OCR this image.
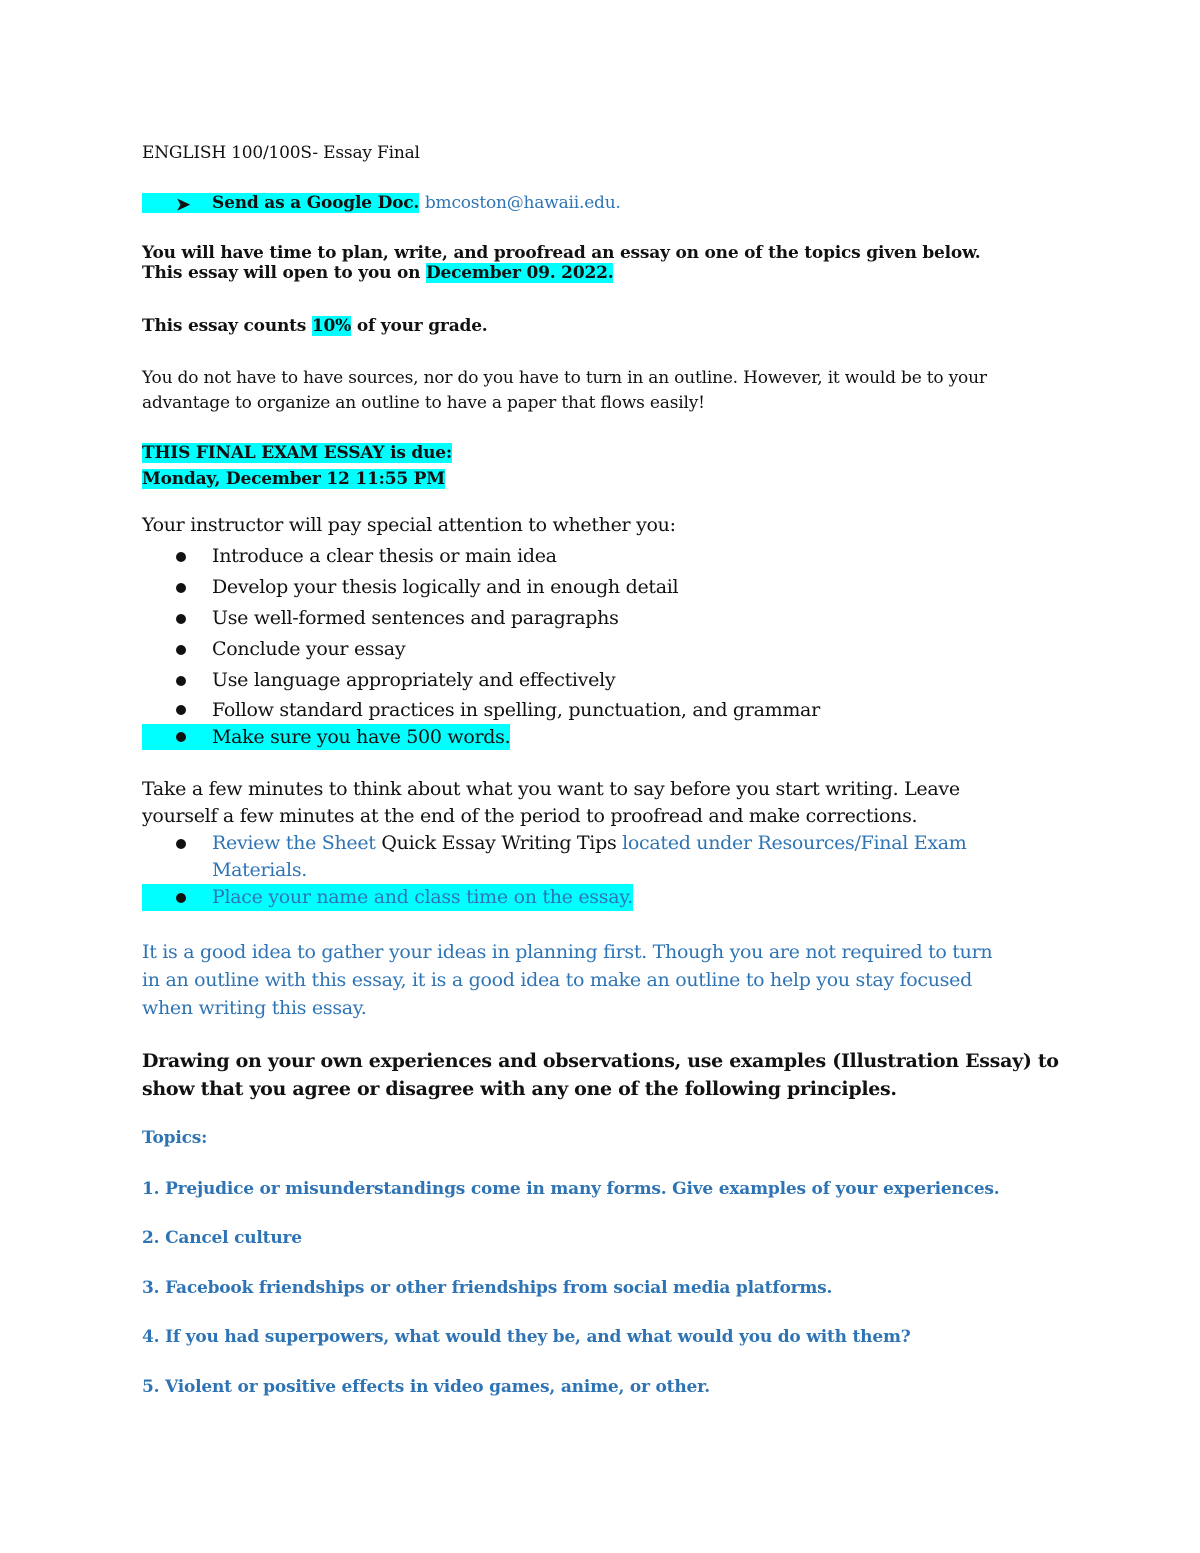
ENGLISH 100/100S- Essay Final

➤ Send as a Google Doc. bmcoston@hawaii.edu.
You will have time to plan, write, and proofread an essay on one of the topics given below.
This essay will open to you on December 09. 2022.

This essay counts 10% of your grade.

You do not have to have sources, nor do you have to turn in an outline. However, it would be to your
advantage to organize an outline to have a paper that flows easily!
THIS FINAL EXAM ESSAY is due:
Monday, December 12 11:55 PM

Your instructor will pay special attention to whether you:

Introduce a clear thesis or main idea
Develop your thesis logically and in enough detail
Use well-formed sentences and paragraphs
Conclude your essay
Use language appropriately and effectively
Follow standard practices in spelling, punctuation, and grammar
Make sure you have 500 words.
Take a few minutes to think about what you want to say before you start writing. Leave
yourself a few minutes at the end of the period to proofread and make corrections.
Review the Sheet Quick Essay Writing Tips located under Resources/Final Exam
Materials.
Place your name and class time on the essay.
It is a good idea to gather your ideas in planning first. Though you are not required to turn
in an outline with this essay, it is a good idea to make an outline to help you stay focused
when writing this essay.
Drawing on your own experiences and observations, use examples (Illustration Essay) to
show that you agree or disagree with any one of the following principles.

Topics:

1. Prejudice or misunderstandings come in many forms. Give examples of your experiences.

2. Cancel culture

3. Facebook friendships or other friendships from social media platforms.

4. If you had superpowers, what would they be, and what would you do with them?

5. Violent or positive effects in video games, anime, or other.
